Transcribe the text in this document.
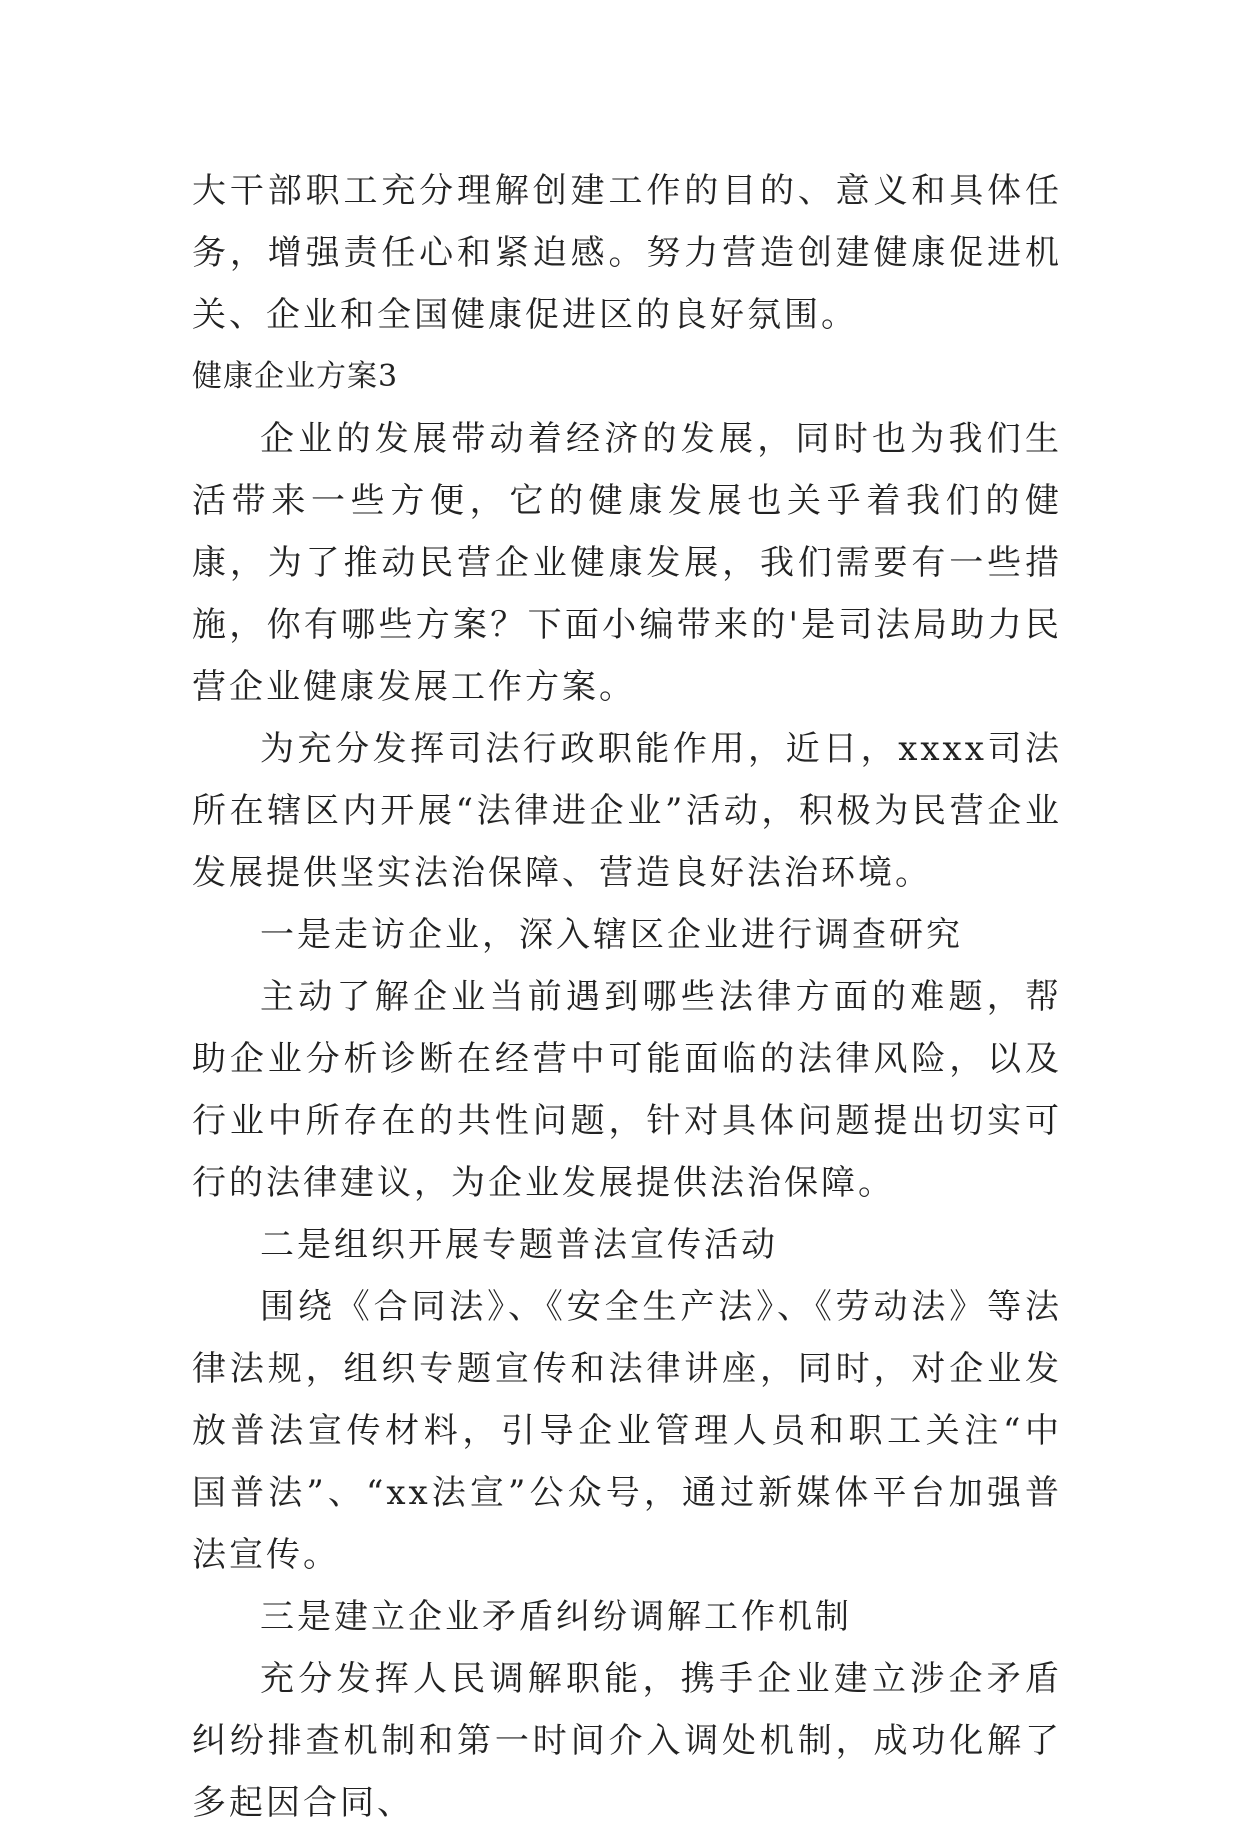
大干部职工充分理解创建工作的目的、意义和具体任务，增强责任心和紧迫感。努力营造创建健康促进机关、企业和全国健康促进区的良好氛围。

健康企业方案3

企业的发展带动着经济的发展，同时也为我们生活带来一些方便，它的健康发展也关乎着我们的健康，为了推动民营企业健康发展，我们需要有一些措施，你有哪些方案？下面小编带来的'是司法局助力民营企业健康发展工作方案。

为充分发挥司法行政职能作用，近日，xxxx司法所在辖区内开展“法律进企业”活动，积极为民营企业发展提供坚实法治保障、营造良好法治环境。

一是走访企业，深入辖区企业进行调查研究

主动了解企业当前遇到哪些法律方面的难题，帮助企业分析诊断在经营中可能面临的法律风险，以及行业中所存在的共性问题，针对具体问题提出切实可行的法律建议，为企业发展提供法治保障。

二是组织开展专题普法宣传活动

围绕《合同法》、《安全生产法》、《劳动法》等法律法规，组织专题宣传和法律讲座，同时，对企业发放普法宣传材料，引导企业管理人员和职工关注“中国普法”、“xx法宣”公众号，通过新媒体平台加强普法宣传。

三是建立企业矛盾纠纷调解工作机制

充分发挥人民调解职能，携手企业建立涉企矛盾纠纷排查机制和第一时间介入调处机制，成功化解了多起因合同、
